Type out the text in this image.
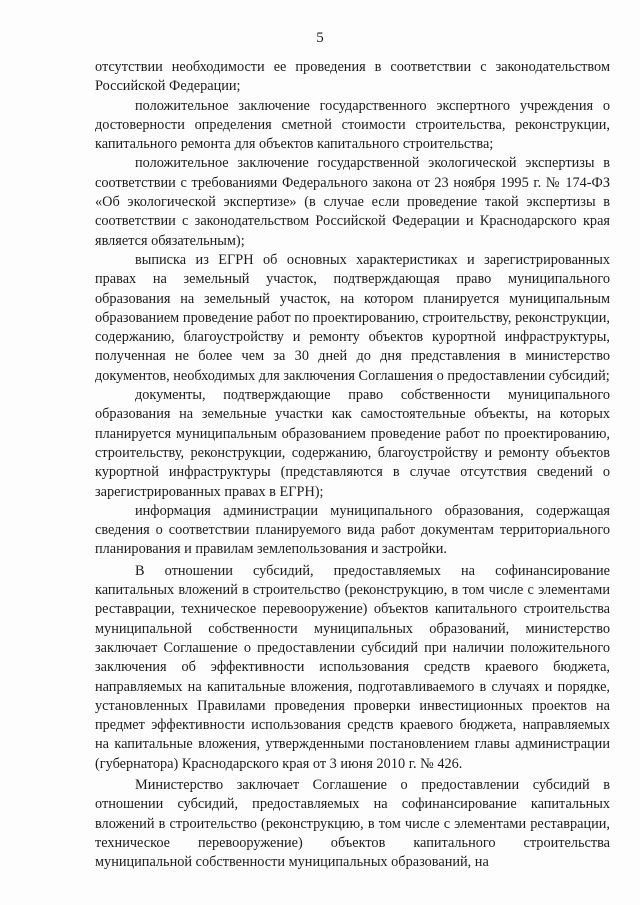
5

отсутствии необходимости ее проведения в соответствии с законодательством Российской Федерации;

положительное заключение государственного экспертного учреждения о достоверности определения сметной стоимости строительства, реконструкции, капитального ремонта для объектов капитального строительства;

положительное заключение государственной экологической экспертизы в соответствии с требованиями Федерального закона от 23 ноября 1995 г. № 174-ФЗ «Об экологической экспертизе» (в случае если проведение такой экспертизы в соответствии с законодательством Российской Федерации и Краснодарского края является обязательным);

выписка из ЕГРН об основных характеристиках и зарегистрированных правах на земельный участок, подтверждающая право муниципального образования на земельный участок, на котором планируется муниципальным образованием проведение работ по проектированию, строительству, реконструкции, содержанию, благоустройству и ремонту объектов курортной инфраструктуры, полученная не более чем за 30 дней до дня представления в министерство документов, необходимых для заключения Соглашения о предоставлении субсидий;

документы, подтверждающие право собственности муниципального образования на земельные участки как самостоятельные объекты, на которых планируется муниципальным образованием проведение работ по проектированию, строительству, реконструкции, содержанию, благоустройству и ремонту объектов курортной инфраструктуры (представляются в случае отсутствия сведений о зарегистрированных правах в ЕГРН);

информация администрации муниципального образования, содержащая сведения о соответствии планируемого вида работ документам территориального планирования и правилам землепользования и застройки.

В отношении субсидий, предоставляемых на софинансирование капитальных вложений в строительство (реконструкцию, в том числе с элементами реставрации, техническое перевооружение) объектов капитального строительства муниципальной собственности муниципальных образований, министерство заключает Соглашение о предоставлении субсидий при наличии положительного заключения об эффективности использования средств краевого бюджета, направляемых на капитальные вложения, подготавливаемого в случаях и порядке, установленных Правилами проведения проверки инвестиционных проектов на предмет эффективности использования средств краевого бюджета, направляемых на капитальные вложения, утвержденными постановлением главы администрации (губернатора) Краснодарского края от 3 июня 2010 г. № 426.

Министерство заключает Соглашение о предоставлении субсидий в отношении субсидий, предоставляемых на софинансирование капитальных вложений в строительство (реконструкцию, в том числе с элементами реставрации, техническое перевооружение) объектов капитального строительства муниципальной собственности муниципальных образований, на
